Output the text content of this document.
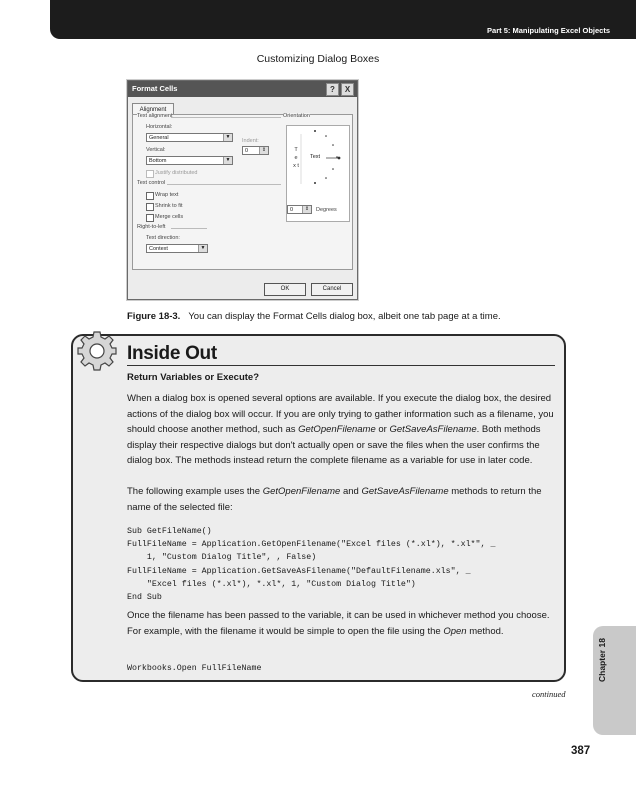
Part 5: Manipulating Excel Objects
Customizing Dialog Boxes
Format Cells	?	X
Alignment
Text alignment
Horizontal:
General	▼
Indent:
0	⇕
Vertical:
Bottom	▼
Justify distributed
Text control
Wrap text
Shrink to fit
Merge cells
Right-to-left
Text direction:
Context	▼
Orientation
T e x t
Text
0	⇕	Degrees
OK	Cancel
Figure 18-3. You can display the Format Cells dialog box, albeit one tab page at a time.
Inside Out
Return Variables or Execute?
When a dialog box is opened several options are available. If you execute the dialog box, the desired actions of the dialog box will occur. If you are only trying to gather information such as a filename, you should choose another method, such as GetOpenFilename or GetSaveAsFilename. Both methods display their respective dialogs but don't actually open or save the files when the user confirms the dialog box. The methods instead return the complete filename as a variable for use in later code.
The following example uses the GetOpenFilename and GetSaveAsFilename methods to return the name of the selected file:
Sub GetFileName()
FullFileName = Application.GetOpenFilename("Excel files (*.xl*), *.xl*", _
1, "Custom Dialog Title", , False)
FullFileName = Application.GetSaveAsFilename("DefaultFilename.xls", _
"Excel files (*.xl*), *.xl*, 1, "Custom Dialog Title")
End Sub
Once the filename has been passed to the variable, it can be used in whichever method you choose. For example, with the filename it would be simple to open the file using the Open method.
Workbooks.Open FullFileName
continued
Chapter 18
387
